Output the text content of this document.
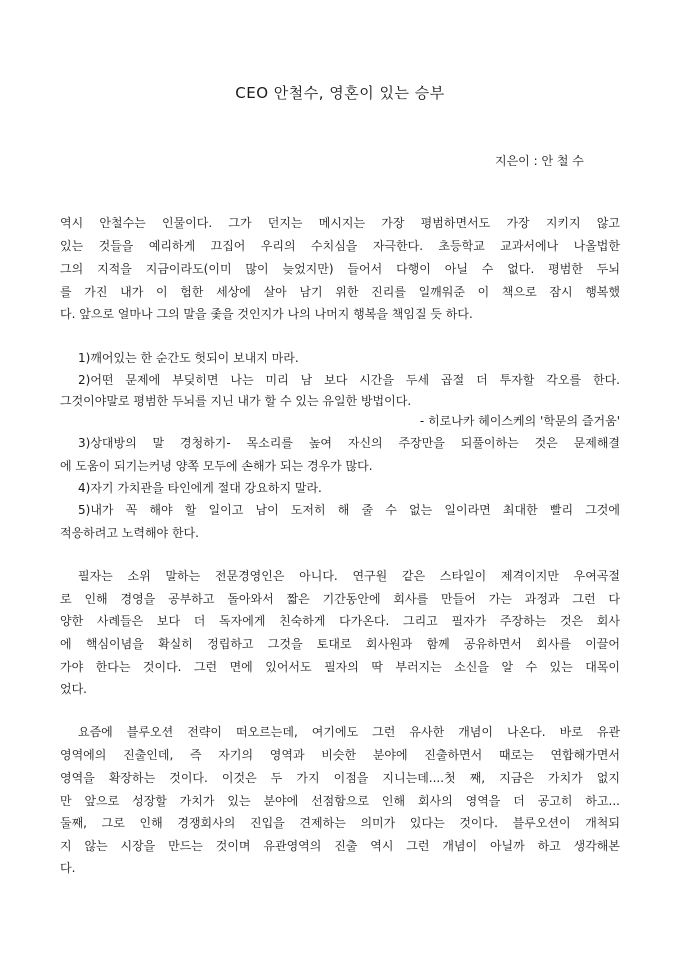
CEO 안철수, 영혼이 있는 승부
지은이 : 안 철 수
역시 안철수는 인물이다. 그가 던지는 메시지는 가장 평범하면서도 가장 지키지 않고
있는 것들을 예리하게 끄집어 우리의 수치심을 자극한다. 초등학교 교과서에나 나올법한
그의 지적을 지금이라도(이미 많이 늦었지만) 들어서 다행이 아닐 수 없다. 평범한 두뇌
를 가진 내가 이 험한 세상에 살아 남기 위한 진리를 일깨워준 이 책으로 잠시 행복했
다. 앞으로 얼마나 그의 말을 좇을 것인지가 나의 나머지 행복을 책임질 듯 하다.
1)깨어있는 한 순간도 헛되이 보내지 마라.
2)어떤 문제에 부딪히면 나는 미리 남 보다 시간을 두세 곱절 더 투자할 각오를 한다.
그것이야말로 평범한 두뇌를 지닌 내가 할 수 있는 유일한 방법이다.
- 히로나카 헤이스케의 '학문의 즐거움'
3)상대방의 말 경청하기- 목소리를 높여 자신의 주장만을 되풀이하는 것은 문제해결
에 도움이 되기는커녕 양쪽 모두에 손해가 되는 경우가 많다.
4)자기 가치관을 타인에게 절대 강요하지 말라.
5)내가 꼭 해야 할 일이고 남이 도저히 해 줄 수 없는 일이라면 최대한 빨리 그것에
적응하려고 노력해야 한다.
필자는 소위 말하는 전문경영인은 아니다. 연구원 같은 스타일이 제격이지만 우여곡절
로 인해 경영을 공부하고 돌아와서 짧은 기간동안에 회사를 만들어 가는 과정과 그런 다
양한 사례들은 보다 더 독자에게 친숙하게 다가온다. 그리고 필자가 주장하는 것은 회사
에 핵심이념을 확실히 정립하고 그것을 토대로 회사원과 함께 공유하면서 회사를 이끌어
가야 한다는 것이다. 그런 면에 있어서도 필자의 딱 부러지는 소신을 알 수 있는 대목이
었다.
요즘에 블루오션 전략이 떠오르는데, 여기에도 그런 유사한 개념이 나온다. 바로 유관
영역에의 진출인데, 즉 자기의 영역과 비슷한 분야에 진출하면서 때로는 연합해가면서
영역을 확장하는 것이다. 이것은 두 가지 이점을 지니는데....첫 째, 지금은 가치가 없지
만 앞으로 성장할 가치가 있는 분야에 선점함으로 인해 회사의 영역을 더 공고히 하고...
둘째, 그로 인해 경쟁회사의 진입을 견제하는 의미가 있다는 것이다. 블루오션이 개척되
지 않는 시장을 만드는 것이며 유관영역의 진출 역시 그런 개념이 아닐까 하고 생각해본
다.
